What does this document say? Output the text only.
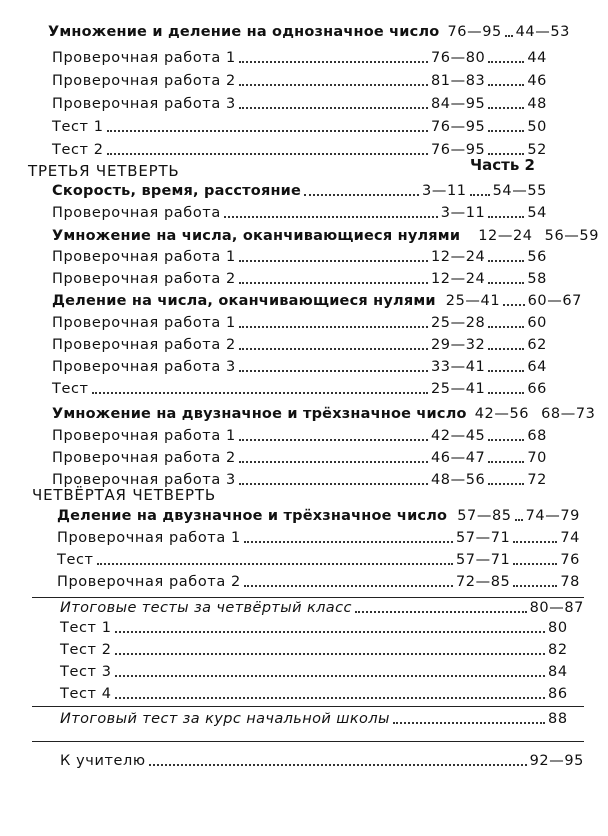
Умножение и деление на однозначное число 76—95 44—53
Проверочная работа 1	76—80	44
Проверочная работа 2	81—83	46
Проверочная работа 3	84—95	48
Тест 1	76—95	50
Тест 2	76—95	52
ТРЕТЬЯ ЧЕТВЕРТЬ	Часть 2
Скорость, время, расстояние	3—11 54—55
Проверочная работа	3—11	54
Умножение на числа, оканчивающиеся нулями 12—24 56—59
Проверочная работа 1	12—24	56
Проверочная работа 2	12—24	58
Деление на числа, оканчивающиеся нулями 25—41 60—67
Проверочная работа 1	25—28	60
Проверочная работа 2	29—32	62
Проверочная работа 3	33—41	64
Тест	25—41	66
Умножение на двузначное и трёхзначное число 42—56 68—73
Проверочная работа 1	42—45	68
Проверочная работа 2	46—47	70
Проверочная работа 3	48—56	72
ЧЕТВЁРТАЯ ЧЕТВЕРТЬ
Деление на двузначное и трёхзначное число 57—85 74—79
Проверочная работа 1	57—71	74
Тест	57—71	76
Проверочная работа 2	72—85	78
Итоговые тесты за четвёртый класс	80—87
Тест 1	80
Тест 2	82
Тест 3	84
Тест 4	86
Итоговый тест за курс начальной школы	88
К учителю	92—95
